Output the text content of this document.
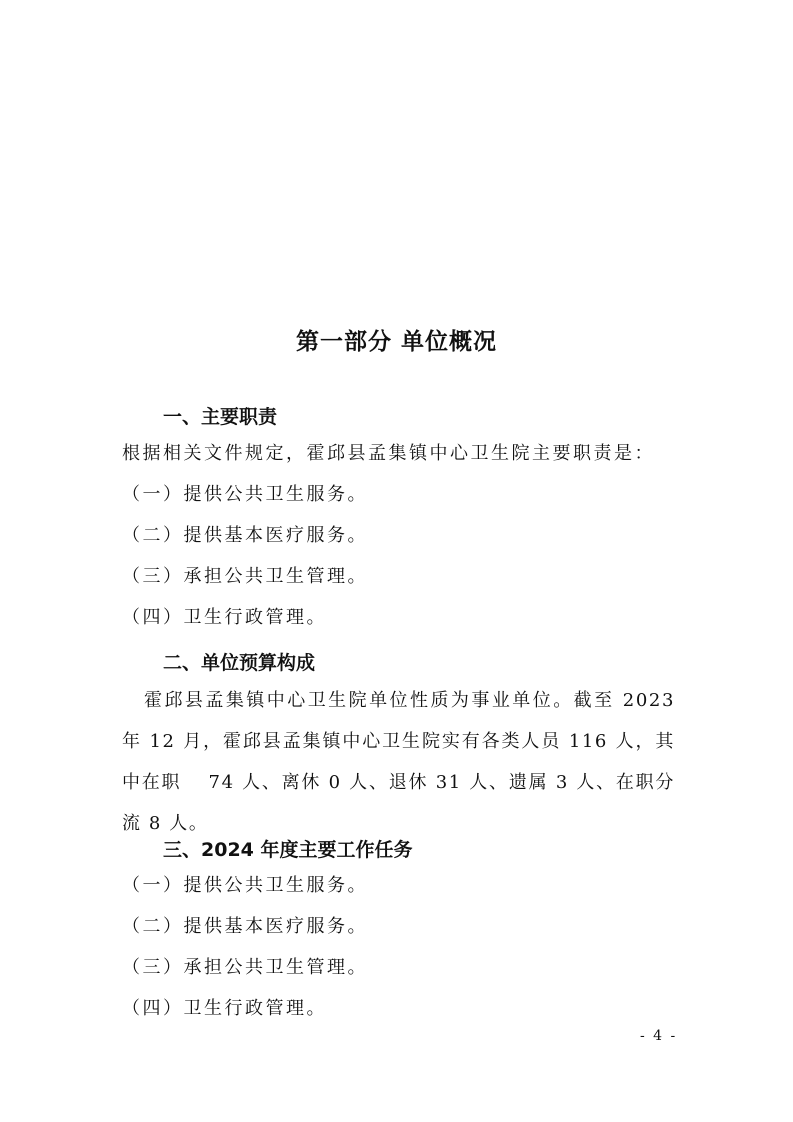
第一部分 单位概况
一、主要职责
根据相关文件规定，霍邱县孟集镇中心卫生院主要职责是：
（一）提供公共卫生服务。
（二）提供基本医疗服务。
（三）承担公共卫生管理。
（四）卫生行政管理。
二、单位预算构成
霍邱县孟集镇中心卫生院单位性质为事业单位。截至 2023 年 12 月，霍邱县孟集镇中心卫生院实有各类人员 116 人，其中在职　 74 人、离休 0 人、退休 31 人、遗属 3 人、在职分流 8 人。
三、2024 年度主要工作任务
（一）提供公共卫生服务。
（二）提供基本医疗服务。
（三）承担公共卫生管理。
（四）卫生行政管理。
- 4 -
